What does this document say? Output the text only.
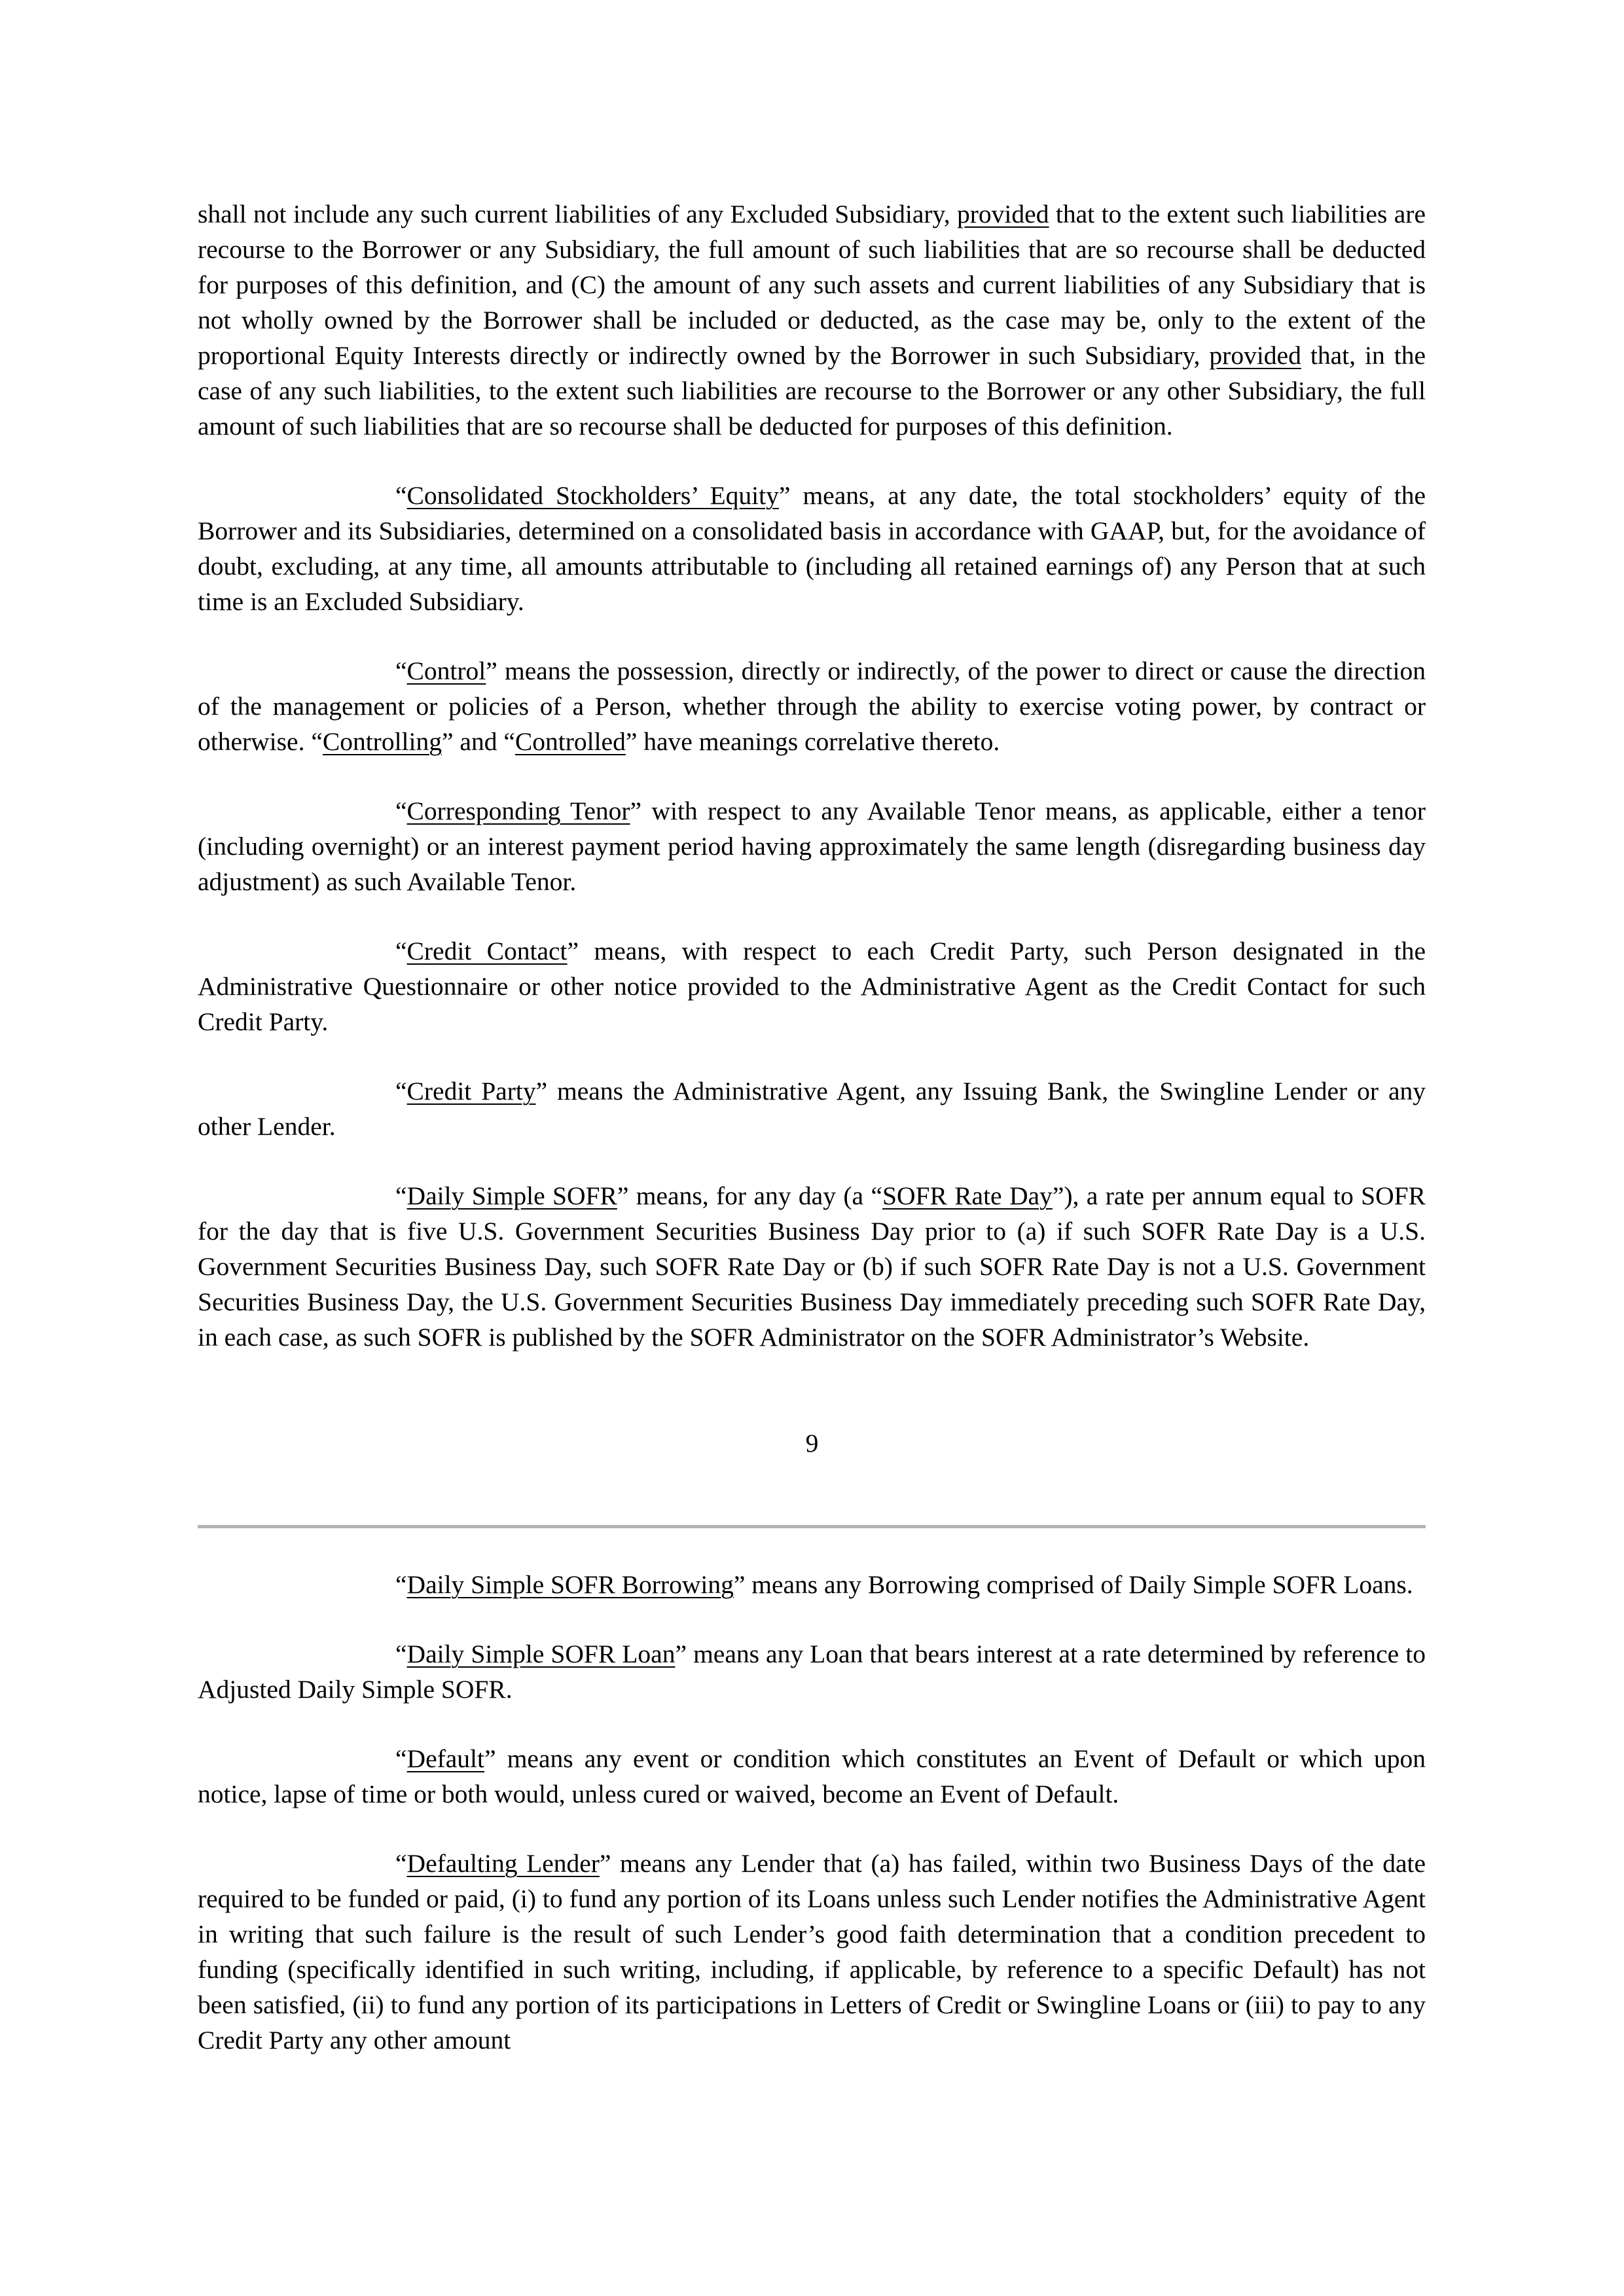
shall not include any such current liabilities of any Excluded Subsidiary, provided that to the extent such liabilities are recourse to the Borrower or any Subsidiary, the full amount of such liabilities that are so recourse shall be deducted for purposes of this definition, and (C) the amount of any such assets and current liabilities of any Subsidiary that is not wholly owned by the Borrower shall be included or deducted, as the case may be, only to the extent of the proportional Equity Interests directly or indirectly owned by the Borrower in such Subsidiary, provided that, in the case of any such liabilities, to the extent such liabilities are recourse to the Borrower or any other Subsidiary, the full amount of such liabilities that are so recourse shall be deducted for purposes of this definition.

“Consolidated Stockholders’ Equity” means, at any date, the total stockholders’ equity of the Borrower and its Subsidiaries, determined on a consolidated basis in accordance with GAAP, but, for the avoidance of doubt, excluding, at any time, all amounts attributable to (including all retained earnings of) any Person that at such time is an Excluded Subsidiary.

“Control” means the possession, directly or indirectly, of the power to direct or cause the direction of the management or policies of a Person, whether through the ability to exercise voting power, by contract or otherwise. “Controlling” and “Controlled” have meanings correlative thereto.

“Corresponding Tenor” with respect to any Available Tenor means, as applicable, either a tenor (including overnight) or an interest payment period having approximately the same length (disregarding business day adjustment) as such Available Tenor.

“Credit Contact” means, with respect to each Credit Party, such Person designated in the Administrative Questionnaire or other notice provided to the Administrative Agent as the Credit Contact for such Credit Party.

“Credit Party” means the Administrative Agent, any Issuing Bank, the Swingline Lender or any other Lender.

“Daily Simple SOFR” means, for any day (a “SOFR Rate Day”), a rate per annum equal to SOFR for the day that is five U.S. Government Securities Business Day prior to (a) if such SOFR Rate Day is a U.S. Government Securities Business Day, such SOFR Rate Day or (b) if such SOFR Rate Day is not a U.S. Government Securities Business Day, the U.S. Government Securities Business Day immediately preceding such SOFR Rate Day, in each case, as such SOFR is published by the SOFR Administrator on the SOFR Administrator’s Website.

9

“Daily Simple SOFR Borrowing” means any Borrowing comprised of Daily Simple SOFR Loans.

“Daily Simple SOFR Loan” means any Loan that bears interest at a rate determined by reference to Adjusted Daily Simple SOFR.

“Default” means any event or condition which constitutes an Event of Default or which upon notice, lapse of time or both would, unless cured or waived, become an Event of Default.

“Defaulting Lender” means any Lender that (a) has failed, within two Business Days of the date required to be funded or paid, (i) to fund any portion of its Loans unless such Lender notifies the Administrative Agent in writing that such failure is the result of such Lender’s good faith determination that a condition precedent to funding (specifically identified in such writing, including, if applicable, by reference to a specific Default) has not been satisfied, (ii) to fund any portion of its participations in Letters of Credit or Swingline Loans or (iii) to pay to any Credit Party any other amount
